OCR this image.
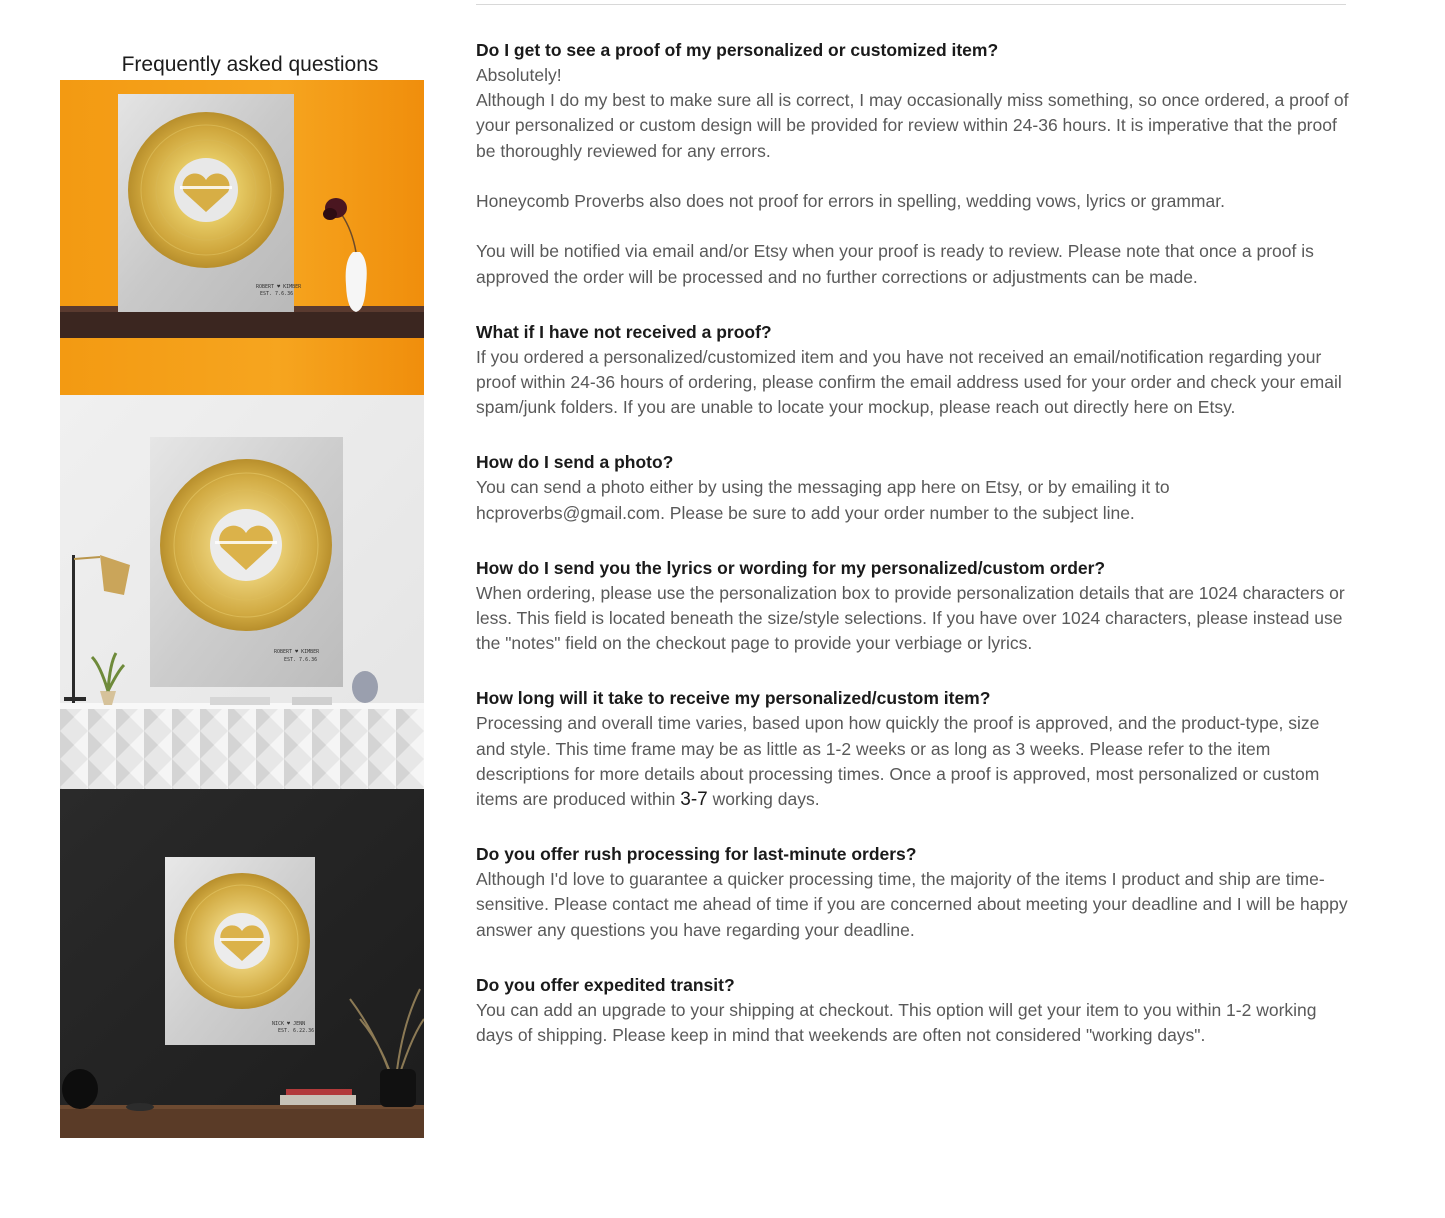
Frequently asked questions
ROBERT ♥ KIMBER
EST. 7.6.36
ROBERT ♥ KIMBER
EST. 7.6.36
NICK ♥ JENN
EST. 6.22.36

Do I get to see a proof of my personalized or customized item?

Absolutely!
Although I do my best to make sure all is correct, I may occasionally miss something, so once ordered, a proof of your personalized or custom design will be provided for review within 24-36 hours. It is imperative that the proof be thoroughly reviewed for any errors.

Honeycomb Proverbs also does not proof for errors in spelling, wedding vows, lyrics or grammar.

You will be notified via email and/or Etsy when your proof is ready to review. Please note that once a proof is approved the order will be processed and no further corrections or adjustments can be made.

What if I have not received a proof?

If you ordered a personalized/customized item and you have not received an email/notification regarding your proof within 24-36 hours of ordering, please confirm the email address used for your order and check your email spam/junk folders. If you are unable to locate your mockup, please reach out directly here on Etsy.

How do I send a photo?

You can send a photo either by using the messaging app here on Etsy, or by emailing it to hcproverbs@gmail.com. Please be sure to add your order number to the subject line.

How do I send you the lyrics or wording for my personalized/custom order?

When ordering, please use the personalization box to provide personalization details that are 1024 characters or less. This field is located beneath the size/style selections. If you have over 1024 characters, please instead use the "notes" field on the checkout page to provide your verbiage or lyrics.

How long will it take to receive my personalized/custom item?

Processing and overall time varies, based upon how quickly the proof is approved, and the product-type, size and style. This time frame may be as little as 1-2 weeks or as long as 3 weeks. Please refer to the item descriptions for more details about processing times. Once a proof is approved, most personalized or custom items are produced within 3-7 working days.

Do you offer rush processing for last-minute orders?

Although I'd love to guarantee a quicker processing time, the majority of the items I product and ship are time-sensitive. Please contact me ahead of time if you are concerned about meeting your deadline and I will be happy answer any questions you have regarding your deadline.

Do you offer expedited transit?

You can add an upgrade to your shipping at checkout. This option will get your item to you within 1-2 working days of shipping. Please keep in mind that weekends are often not considered "working days".
